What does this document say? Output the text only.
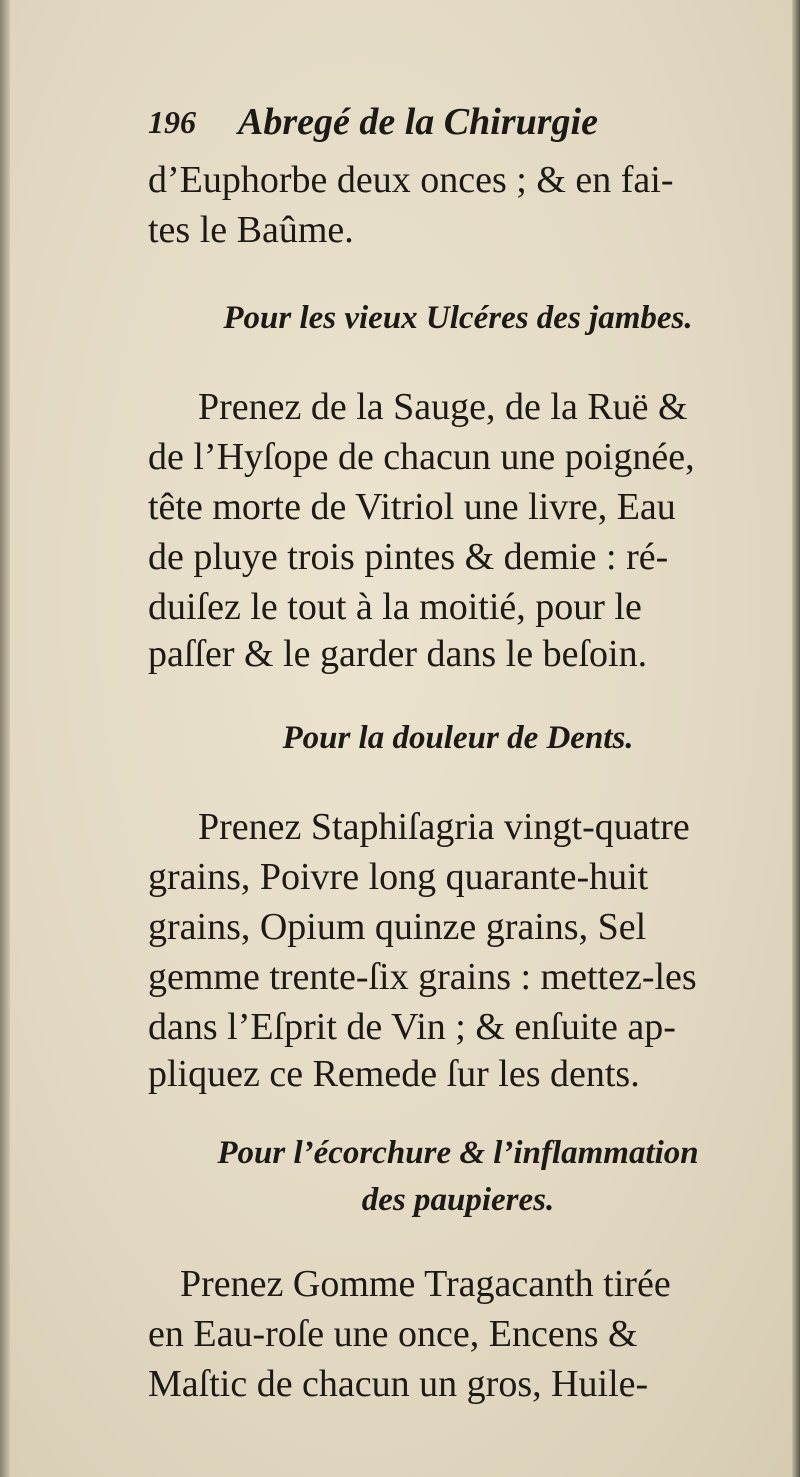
196 Abregé de la Chirurgie
d’Euphorbe deux onces ; & en fai-
tes le Baûme.
Pour les vieux Ulcéres des jambes.
Prenez de la Sauge, de la Ruë &
de l’Hyſope de chacun une poignée,
tête morte de Vitriol une livre, Eau
de pluye trois pintes & demie : ré-
duiſez le tout à la moitié, pour le
paſſer & le garder dans le beſoin.
Pour la douleur de Dents.
Prenez Staphiſagria vingt-quatre
grains, Poivre long quarante-huit
grains, Opium quinze grains, Sel
gemme trente-ſix grains : mettez-les
dans l’Eſprit de Vin ; & enſuite ap-
pliquez ce Remede ſur les dents.
Pour l’écorchure & l’inflammation
des paupieres.
Prenez Gomme Tragacanth tirée
en Eau-roſe une once, Encens &
Maſtic de chacun un gros, Huile-
